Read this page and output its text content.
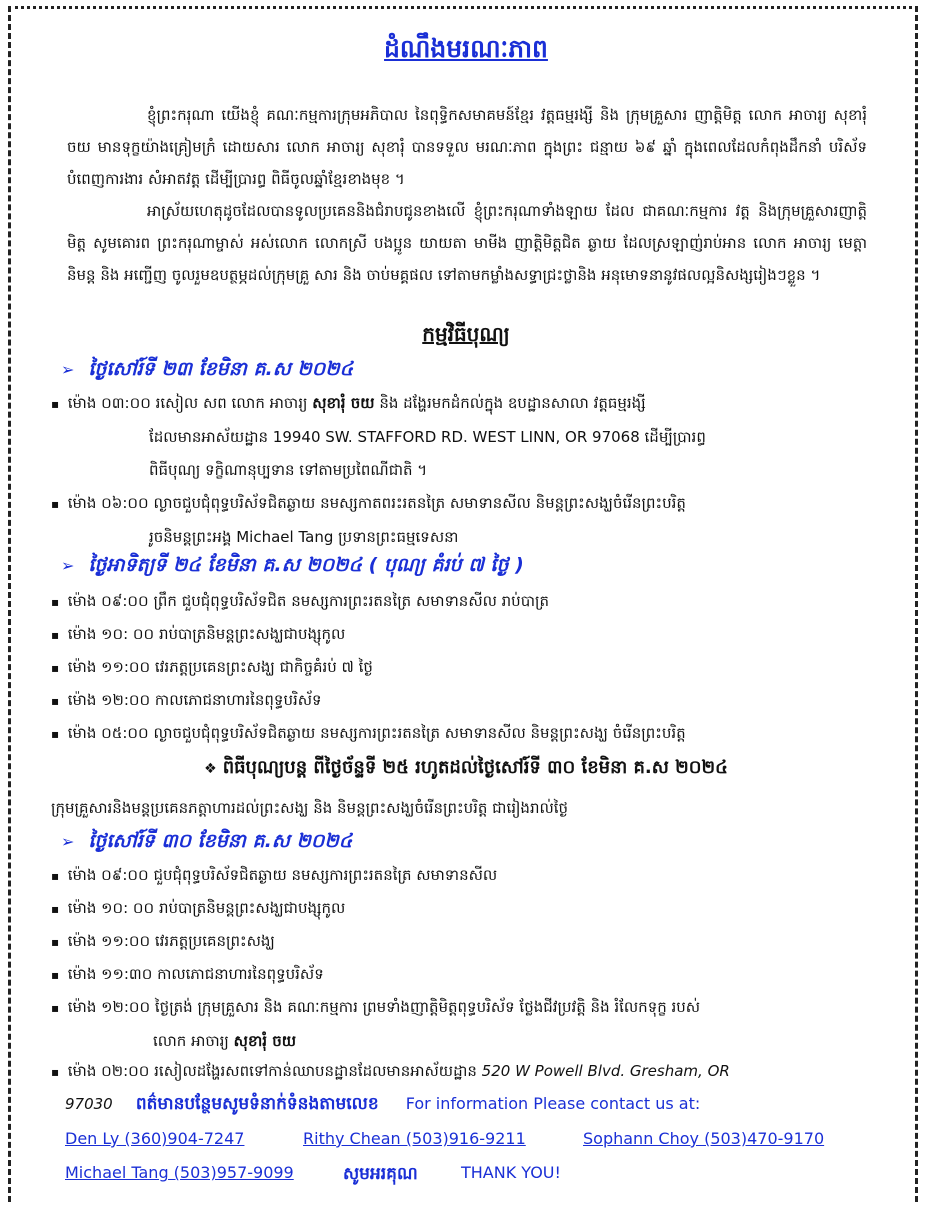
ដំណឹងមរណៈភាព
ខ្ញុំព្រះករុណា យើងខ្ញុំ គណៈកម្មការក្រុមអភិបាល នៃពុទ្ធិកសមាគមន៍ខ្មែរ វត្តធម្មរង្សី និង ក្រុមគ្រួសារ ញាត្តិមិត្ត លោក អាចារ្យ សុខារុំ ចយ មានទុក្ខយ៉ាងគ្រៀមក្រំ ដោយសារ លោក អាចារ្យ សុខារុំ បានទទួល មរណៈភាព ក្នុងព្រះ ជន្មាយ ៦៩ ឆ្នាំ ក្នុងពេលដែលកំពុងដឹកនាំ បរិស័ទ បំពេញការងារ សំអាតវត្ត ដើម្បីប្រារព្ធ ពិធីចូលឆ្នាំខ្មែរខាងមុខ ។
អាស្រ័យហេតុដូចដែលបានទូលប្រគេននិងជំរាបជូនខាងលើ ខ្ញុំព្រះករុណាទាំងឡាយ ដែល ជាគណៈកម្មការ វត្ត និងក្រុមគ្រួសារញាត្តិមិត្ត សូមគោរព ព្រះករុណាម្ចាស់ អស់លោក លោកស្រី បងប្អូន យាយតា មាមីង ញាត្តិមិត្តជិត ឆ្ងាយ ដែលស្រឡាញ់រាប់អាន លោក អាចារ្យ មេត្តា និមន្ត និង អញ្ជើញ ចូលរួមឧបត្ថម្ភដល់ក្រុមគ្រួ សារ និង ចាប់មគ្គផល ទៅតាមកម្លាំងសទ្ធាជ្រះថ្លានិង អនុមោទនានូវផលល្អនិសង្សរៀងៗខ្លួន ។
កម្មវិធីបុណ្យ
➢ ថ្ងៃសៅរ៍ទី ២៣ ខែមិនា គ.ស ២០២៤
▪ ម៉ោង ០៣:០០ រសៀល សព លោក អាចារ្យ សុខារុំ ចយ និង ដង្ហែរមកដំកល់ក្នុង ឧបដ្ឋានសាលា វត្តធម្មរង្សី
ដែលមានអាស័យដ្ឋាន 19940 SW. STAFFORD RD. WEST LINN, OR 97068 ដើម្បីប្រារព្ធ
ពិធីបុណ្យ ទក្ខិណានុប្បទាន ទៅតាមប្រពៃណីជាតិ ។
▪ ម៉ោង ០៦:០០ ល្ងាចជួបជុំពុទ្ធបរិស័ទជិតឆ្ងាយ នមស្សកាតពរះរតនត្រៃ សមាទានសីល និមន្តព្រះសង្ឃចំរើនព្រះបរិត្ត
រូចនិមន្តព្រះអង្គ Michael Tang ប្រទានព្រះធម្មទេសនា
➢ ថ្ងៃអាទិត្យទី ២៤ ខែមិនា គ.ស ២០២៤ ( បុណ្យ គំរប់ ៧ ថ្ងៃ )
▪ ម៉ោង ០៩:០០ ព្រឹក ជួបជុំពុទ្ធបរិស័ទជិត នមស្សការព្រះរតនត្រៃ សមាទានសីល រាប់បាត្រ
▪ ម៉ោង ១០: ០០ រាប់បាត្រនិមន្តព្រះសង្ឃជាបង្សុកូល
▪ ម៉ោង ១១:០០ វេរភត្តប្រគេនព្រះសង្ឃ ជាកិច្ចគំរប់ ៧ ថ្ងៃ
▪ ម៉ោង ១២:០០ កាលភោជនាហារនៃពុទ្ធបរិស័ទ
▪ ម៉ោង ០៥:០០ ល្ងាចជួបជុំពុទ្ធបរិស័ទជិតឆ្ងាយ នមស្សការព្រះរតនត្រៃ សមាទានសីល និមន្តព្រះសង្ឃ ចំរើនព្រះបរិត្ត
❖ ពិធីបុណ្យបន្ត ពីថ្ងៃច័ន្ទទី ២៥ រហូតដល់ថ្ងៃសៅរ៍ទី ៣០ ខែមិនា គ.ស ២០២៤
ក្រុមគ្រួសារនិងមន្តប្រគេនភត្តាហារដល់ព្រះសង្ឃ និង និមន្តព្រះសង្ឃចំរើនព្រះបរិត្ត ជារៀងរាល់ថ្ងៃ
➢ ថ្ងៃសៅរ៍ទី ៣០ ខែមិនា គ.ស ២០២៤
▪ ម៉ោង ០៩:០០ ជួបជុំពុទ្ធបរិស័ទជិតឆ្ងាយ នមស្សការព្រះរតនត្រៃ សមាទានសីល
▪ ម៉ោង ១០: ០០ រាប់បាត្រនិមន្តព្រះសង្ឃជាបង្សុកូល
▪ ម៉ោង ១១:០០ វេរភត្តប្រគេនព្រះសង្ឃ
▪ ម៉ោង ១១:៣០ កាលភោជនាហារនៃពុទ្ធបរិស័ទ
▪ ម៉ោង ១២:០០ ថ្ងៃត្រង់ ក្រុមគ្រួសារ និង គណៈកម្មការ ព្រមទាំងញាត្តិមិត្តពុទ្ធបរិស័ទ ថ្លែងជីវប្រវត្តិ និង រំលែកទុក្ខ របស់
លោក អាចារ្យ សុខារុំ ចយ
▪ ម៉ោង ០២:០០ រសៀលដង្ហែរសពទៅកាន់ឈាបនដ្ឋានដែលមានអាស័យដ្ឋាន 520 W Powell Blvd. Gresham, OR
97030 ពត៌មានបន្ថែមសូមទំនាក់ទំនងតាមលេខ For information Please contact us at:
Den Ly (360)904-7247	Rithy Chean (503)916-9211	Sophann Choy (503)470-9170
Michael Tang (503)957-9099	សូមអរគុណ	THANK YOU!
